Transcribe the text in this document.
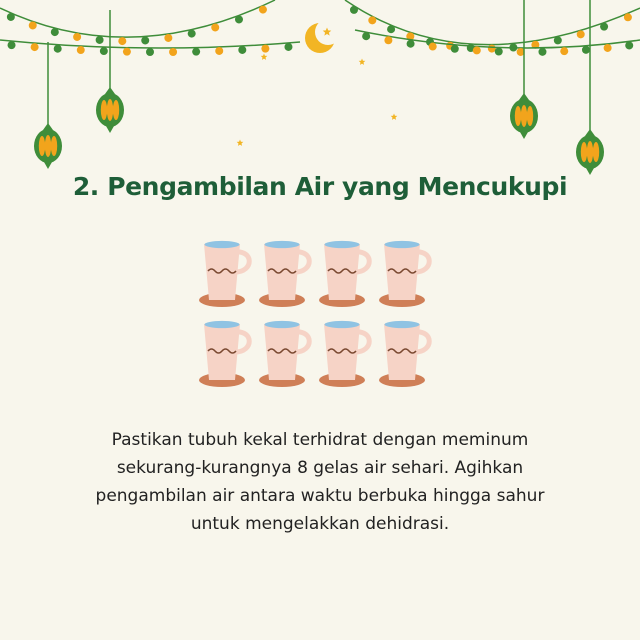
2. Pengambilan Air yang Mencukupi

Pastikan tubuh kekal terhidrat dengan meminum
sekurang-kurangnya 8 gelas air sehari. Agihkan
pengambilan air antara waktu berbuka hingga sahur
untuk mengelakkan dehidrasi.
